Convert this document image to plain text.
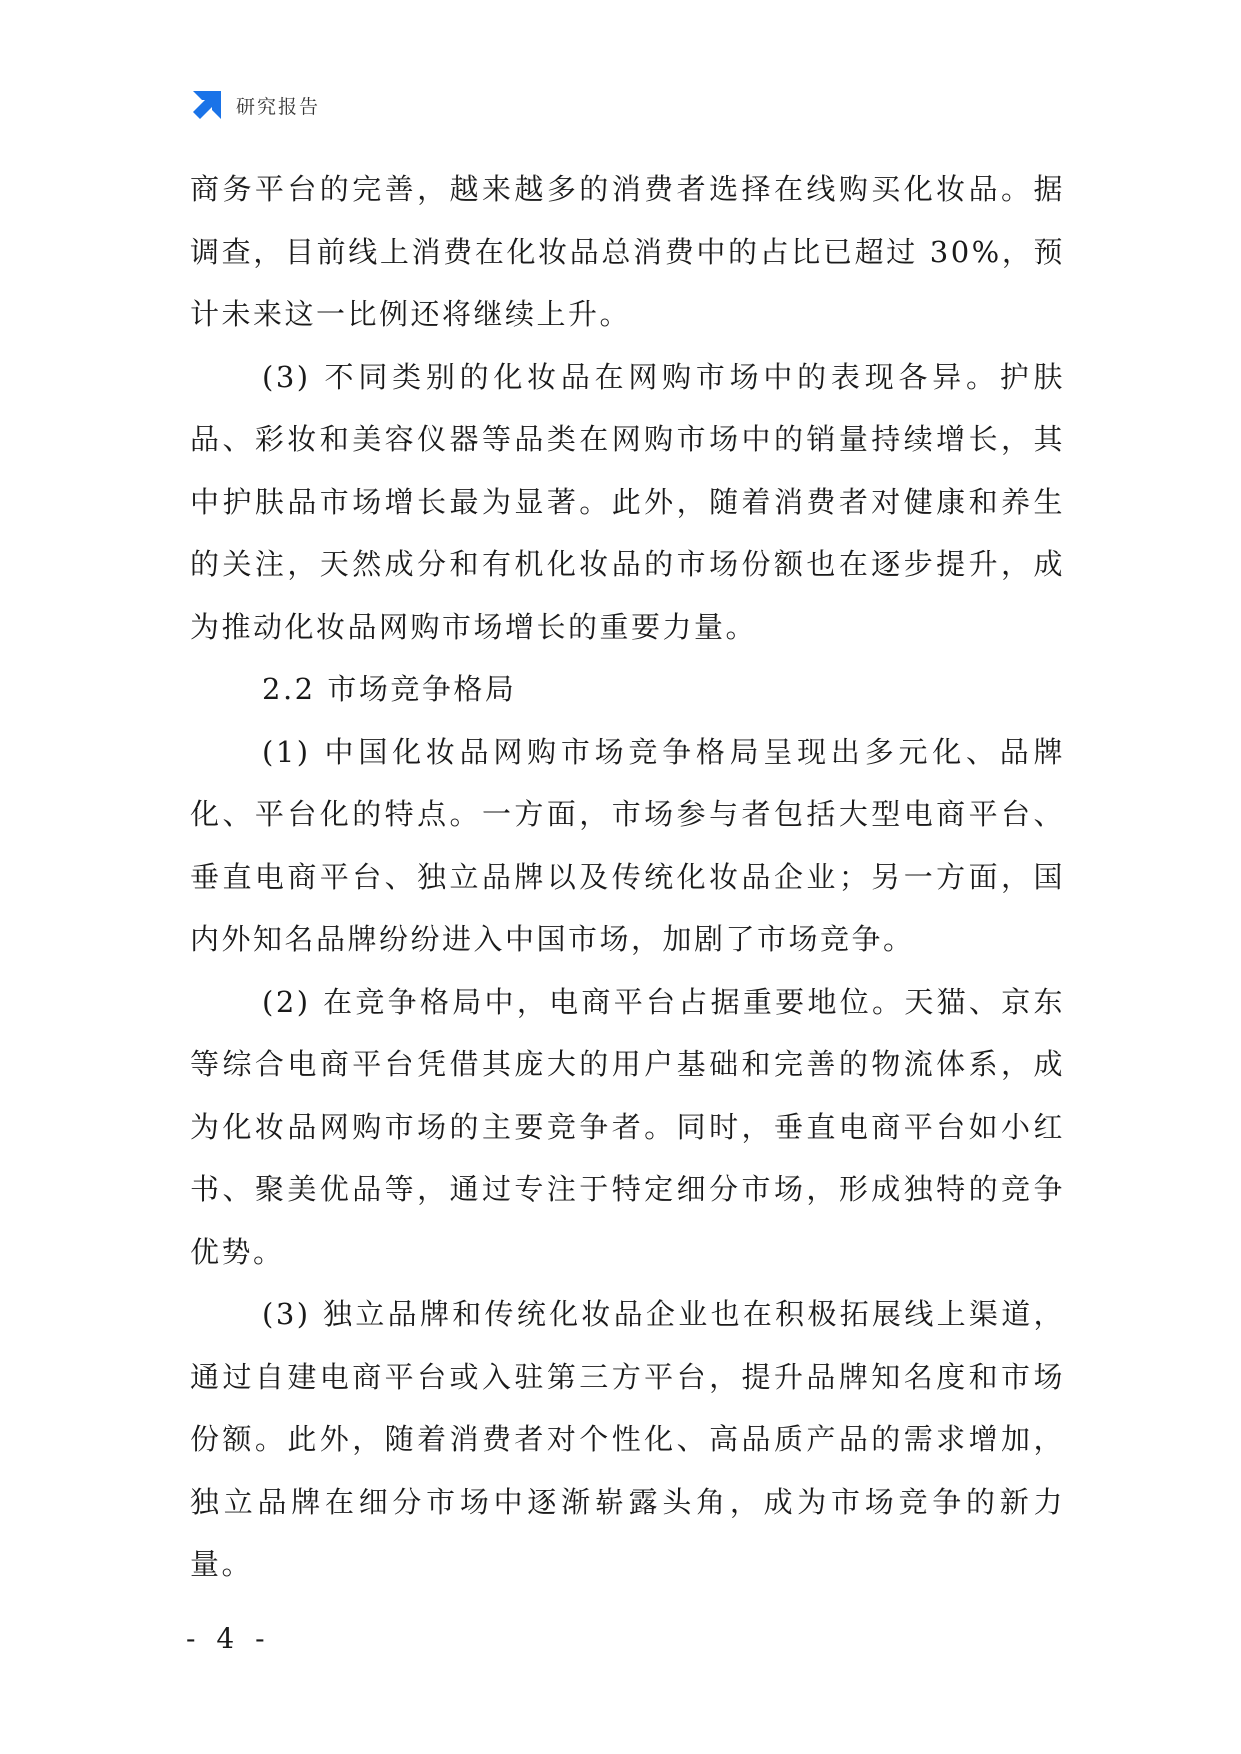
研究报告

商务平台的完善，越来越多的消费者选择在线购买化妆品。据调查，目前线上消费在化妆品总消费中的占比已超过 30%，预计未来这一比例还将继续上升。

(3) 不同类别的化妆品在网购市场中的表现各异。护肤品、彩妆和美容仪器等品类在网购市场中的销量持续增长，其中护肤品市场增长最为显著。此外，随着消费者对健康和养生的关注，天然成分和有机化妆品的市场份额也在逐步提升，成为推动化妆品网购市场增长的重要力量。

2.2 市场竞争格局

(1) 中国化妆品网购市场竞争格局呈现出多元化、品牌化、平台化的特点。一方面，市场参与者包括大型电商平台、垂直电商平台、独立品牌以及传统化妆品企业；另一方面，国内外知名品牌纷纷进入中国市场，加剧了市场竞争。

(2) 在竞争格局中，电商平台占据重要地位。天猫、京东等综合电商平台凭借其庞大的用户基础和完善的物流体系，成为化妆品网购市场的主要竞争者。同时，垂直电商平台如小红书、聚美优品等，通过专注于特定细分市场，形成独特的竞争优势。

(3) 独立品牌和传统化妆品企业也在积极拓展线上渠道，通过自建电商平台或入驻第三方平台，提升品牌知名度和市场份额。此外，随着消费者对个性化、高品质产品的需求增加，独立品牌在细分市场中逐渐崭露头角，成为市场竞争的新力量。

- 4 -
